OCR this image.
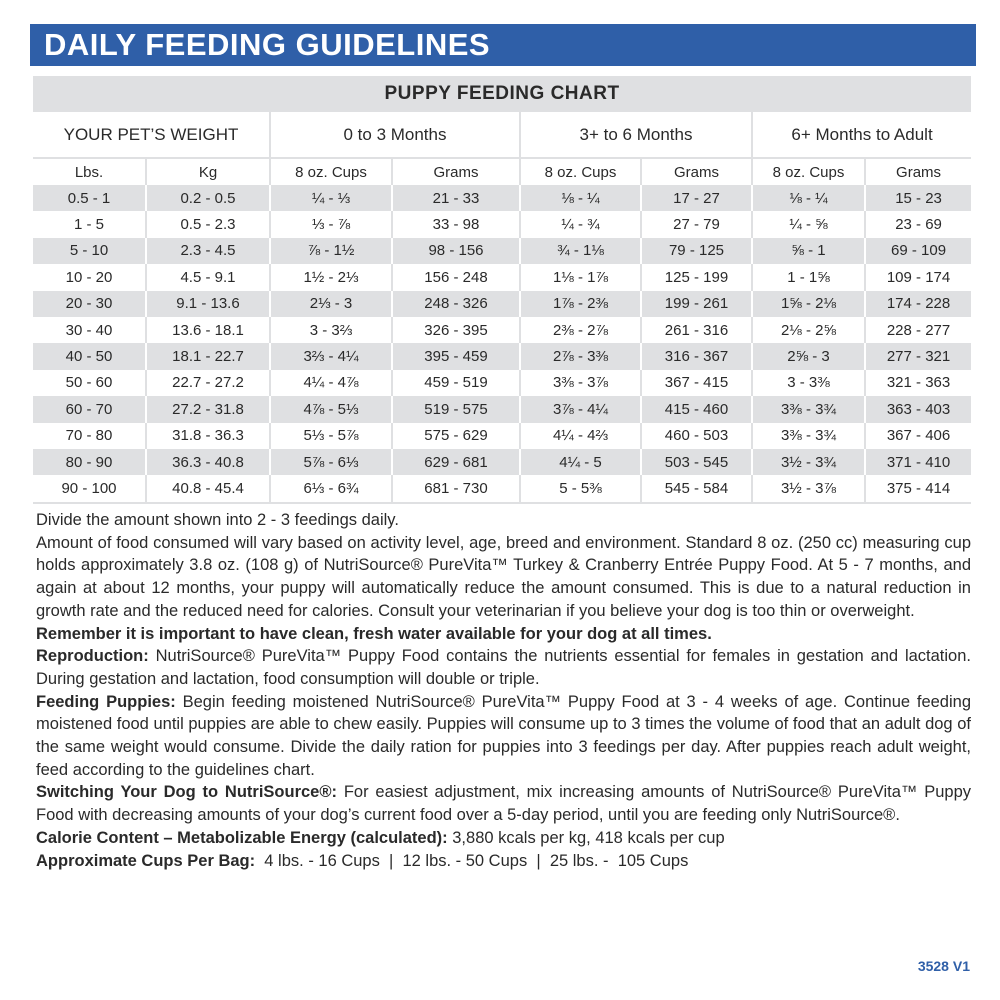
DAILY FEEDING GUIDELINES
PUPPY FEEDING CHART							
YOUR PET’S WEIGHT		0 to 3 Months		3+ to 6 Months		6+ Months to Adult	
Lbs.	Kg	8 oz. Cups	Grams	8 oz. Cups	Grams	8 oz. Cups	Grams
0.5 - 1	0.2 - 0.5	¼ - ⅓	21 - 33	⅛ - ¼	17 - 27	⅛ - ¼	15 - 23
1 - 5	0.5 - 2.3	⅓ - ⅞	33 - 98	¼ - ¾	27 - 79	¼ - ⅝	23 - 69
5 - 10	2.3 - 4.5	⅞ - 1½	98 - 156	¾ - 1⅛	79 - 125	⅝ - 1	69 - 109
10 - 20	4.5 - 9.1	1½ - 2⅓	156 - 248	1⅛ - 1⅞	125 - 199	1 - 1⅝	109 - 174
20 - 30	9.1 - 13.6	2⅓ - 3	248 - 326	1⅞ - 2⅜	199 - 261	1⅝ - 2⅛	174 - 228
30 - 40	13.6 - 18.1	3 - 3⅔	326 - 395	2⅜ - 2⅞	261 - 316	2⅛ - 2⅝	228 - 277
40 - 50	18.1 - 22.7	3⅔ - 4¼	395 - 459	2⅞ - 3⅜	316 - 367	2⅝ - 3	277 - 321
50 - 60	22.7 - 27.2	4¼ - 4⅞	459 - 519	3⅜ - 3⅞	367 - 415	3 - 3⅜	321 - 363
60 - 70	27.2 - 31.8	4⅞ - 5⅓	519 - 575	3⅞ - 4¼	415 - 460	3⅜ - 3¾	363 - 403
70 - 80	31.8 - 36.3	5⅓ - 5⅞	575 - 629	4¼ - 4⅔	460 - 503	3⅜ - 3¾	367 - 406
80 - 90	36.3 - 40.8	5⅞ - 6⅓	629 - 681	4¼ - 5	503 - 545	3½ - 3¾	371 - 410
90 - 100	40.8 - 45.4	6⅓ - 6¾	681 - 730	5 - 5⅜	545 - 584	3½ - 3⅞	375 - 414

Divide the amount shown into 2 - 3 feedings daily.

Amount of food consumed will vary based on activity level, age, breed and environment. Standard 8 oz. (250 cc) measuring cup holds approximately 3.8 oz. (108 g) of NutriSource® PureVita™ Turkey & Cranberry Entrée Puppy Food. At 5 - 7 months, and again at about 12 months, your puppy will automatically reduce the amount consumed. This is due to a natural reduction in growth rate and the reduced need for calories. Consult your veterinarian if you believe your dog is too thin or overweight.

Remember it is important to have clean, fresh water available for your dog at all times.

Reproduction: NutriSource® PureVita™ Puppy Food contains the nutrients essential for females in gestation and lactation. During gestation and lactation, food consumption will double or triple.

Feeding Puppies: Begin feeding moistened NutriSource® PureVita™ Puppy Food at 3 - 4 weeks of age. Continue feeding moistened food until puppies are able to chew easily. Puppies will consume up to 3 times the volume of food that an adult dog of the same weight would consume. Divide the daily ration for puppies into 3 feedings per day. After puppies reach adult weight, feed according to the guidelines chart.

Switching Your Dog to NutriSource®: For easiest adjustment, mix increasing amounts of NutriSource® PureVita™ Puppy Food with decreasing amounts of your dog’s current food over a 5-day period, until you are feeding only NutriSource®.

Calorie Content – Metabolizable Energy (calculated): 3,880 kcals per kg, 418 kcals per cup

Approximate Cups Per Bag:  4 lbs. - 16 Cups  |  12 lbs. - 50 Cups  |  25 lbs. -  105 Cups

3528 V1
